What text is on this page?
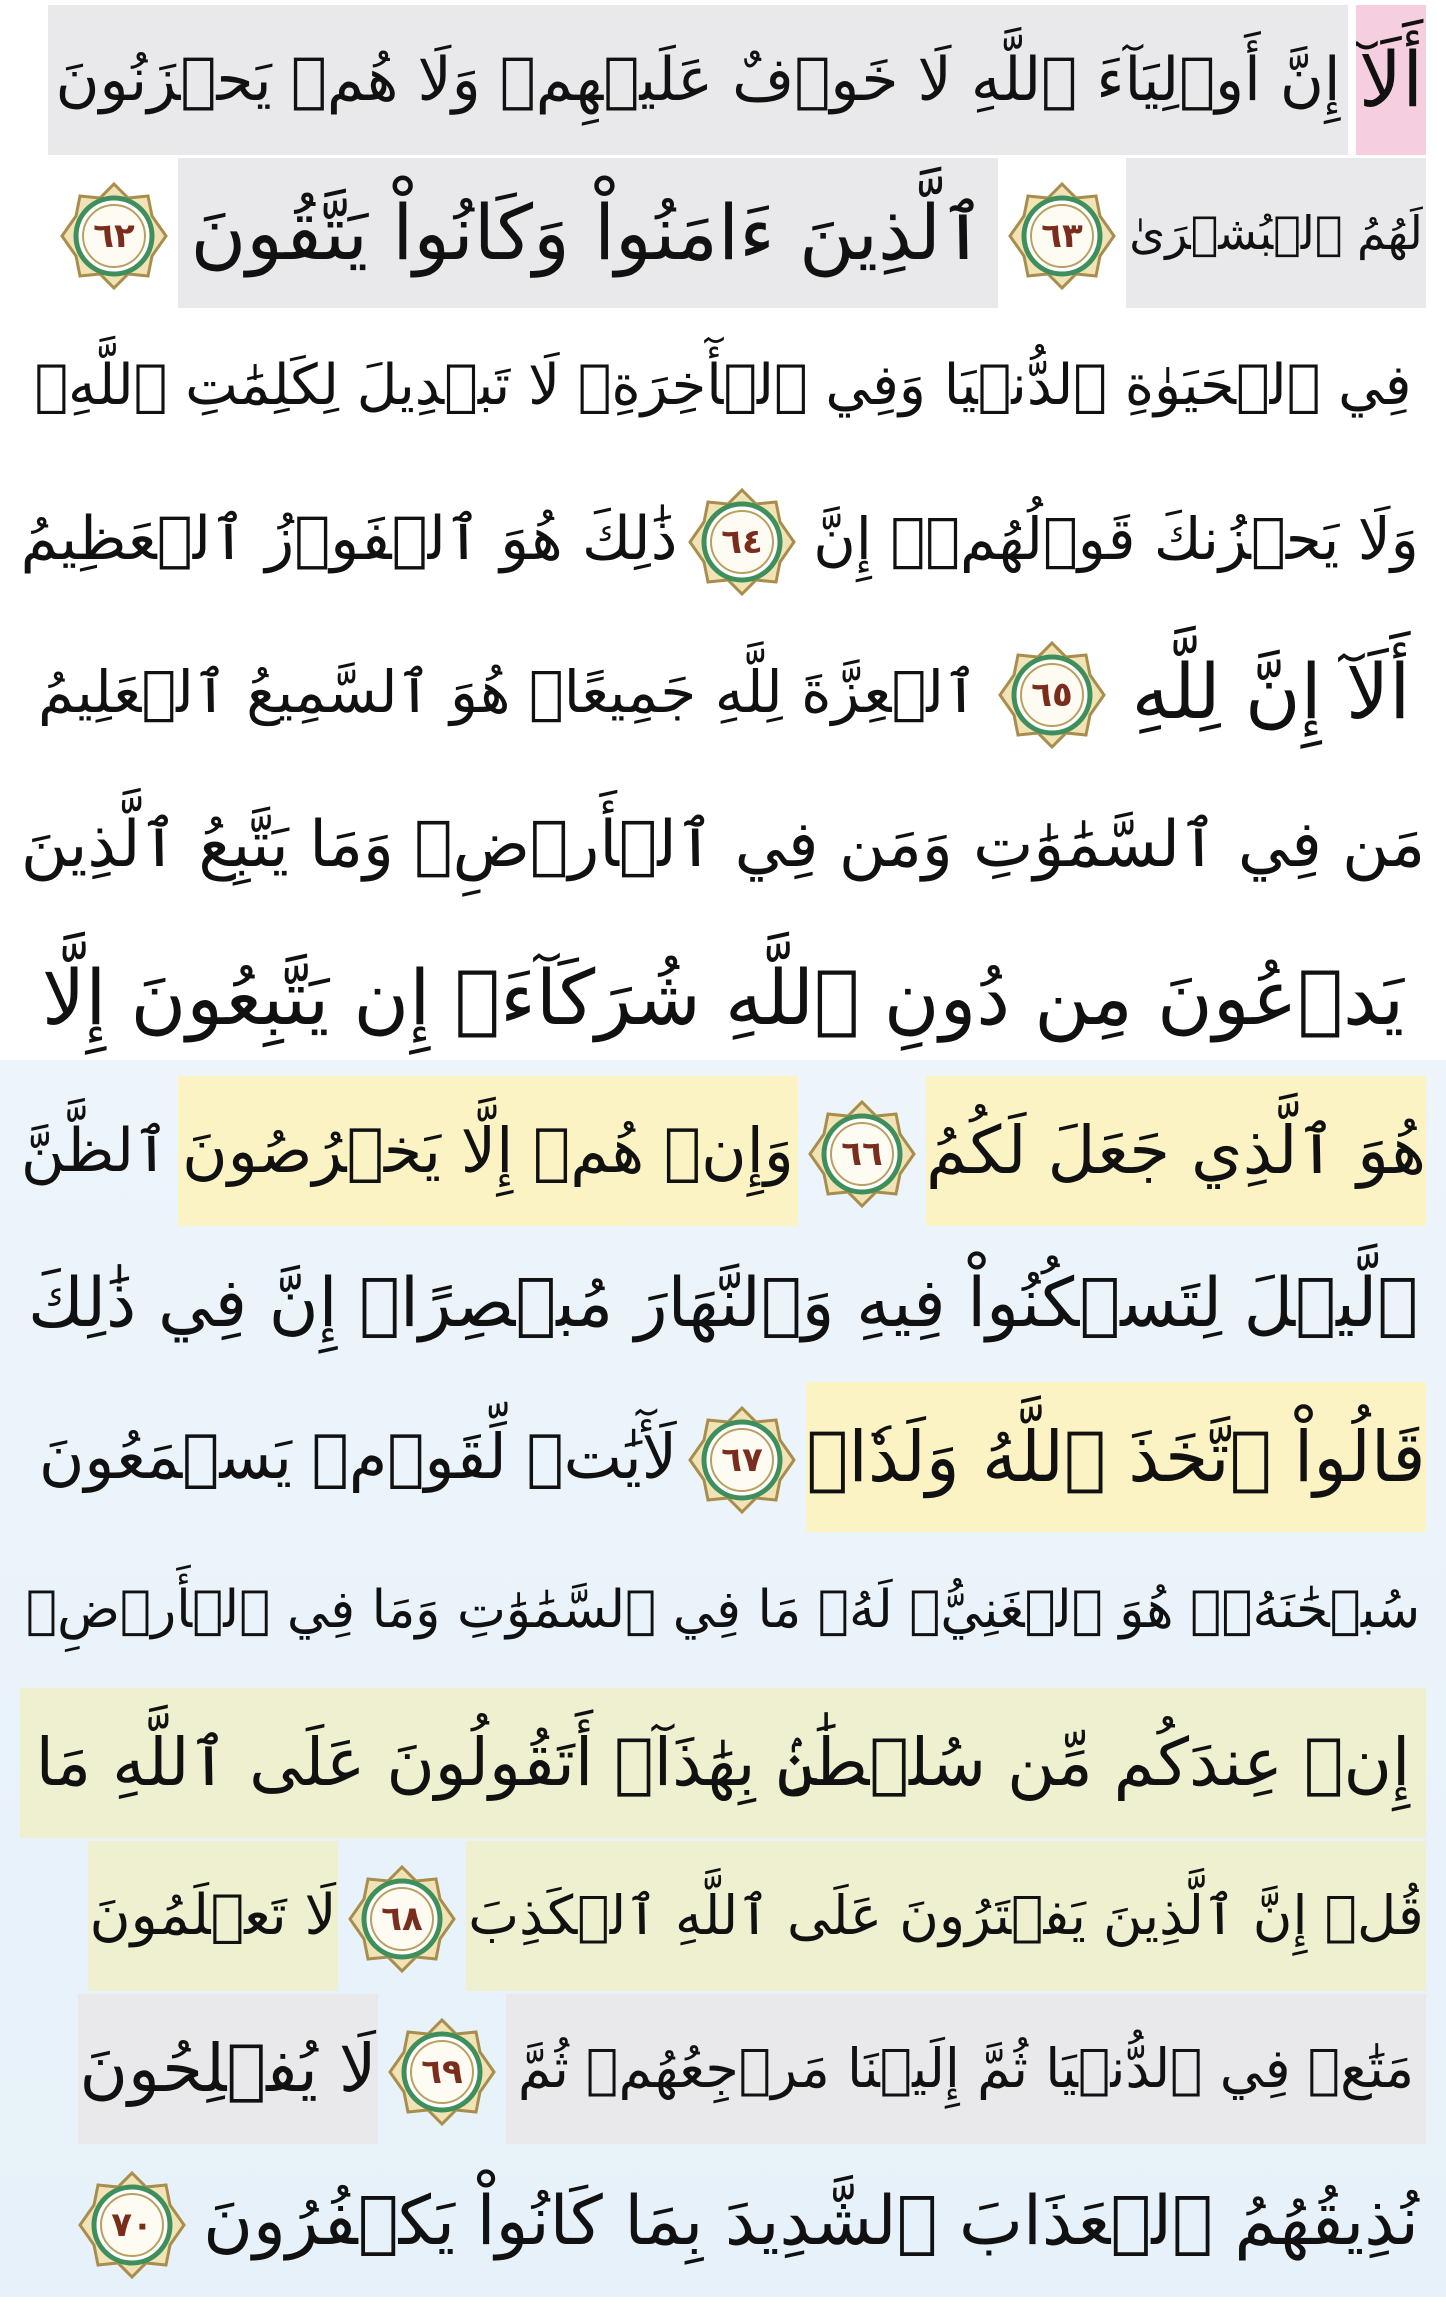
أَلَآ
إِنَّ أَوۡلِيَآءَ ٱللَّهِ لَا خَوۡفٌ عَلَيۡهِمۡ وَلَا هُمۡ يَحۡزَنُونَ
لَهُمُ ٱلۡبُشۡرَىٰ
٦٣
ٱلَّذِينَ ءَامَنُواْ وَكَانُواْ يَتَّقُونَ
٦٢
فِي ٱلۡحَيَوٰةِ ٱلدُّنۡيَا وَفِي ٱلۡأٓخِرَةِۚ لَا تَبۡدِيلَ لِكَلِمَٰتِ ٱللَّهِۚ
وَلَا يَحۡزُنكَ قَوۡلُهُمۡۘ إِنَّ
٦٤
ذَٰلِكَ هُوَ ٱلۡفَوۡزُ ٱلۡعَظِيمُ
أَلَآ إِنَّ لِلَّهِ
٦٥
ٱلۡعِزَّةَ لِلَّهِ جَمِيعًاۚ هُوَ ٱلسَّمِيعُ ٱلۡعَلِيمُ
مَن فِي ٱلسَّمَٰوَٰتِ وَمَن فِي ٱلۡأَرۡضِۗ وَمَا يَتَّبِعُ ٱلَّذِينَ
يَدۡعُونَ مِن دُونِ ٱللَّهِ شُرَكَآءَۚ إِن يَتَّبِعُونَ إِلَّا
هُوَ ٱلَّذِي جَعَلَ لَكُمُ
٦٦
وَإِنۡ هُمۡ إِلَّا يَخۡرُصُونَ
ٱلظَّنَّ
ٱلَّيۡلَ لِتَسۡكُنُواْ فِيهِ وَٱلنَّهَارَ مُبۡصِرًاۚ إِنَّ فِي ذَٰلِكَ
قَالُواْ ٱتَّخَذَ ٱللَّهُ وَلَدٗاۗ
٦٧
لَأٓيَٰتٖ لِّقَوۡمٖ يَسۡمَعُونَ
سُبۡحَٰنَهُۥۖ هُوَ ٱلۡغَنِيُّۖ لَهُۥ مَا فِي ٱلسَّمَٰوَٰتِ وَمَا فِي ٱلۡأَرۡضِۚ
إِنۡ عِندَكُم مِّن سُلۡطَٰنِۢ بِهَٰذَآۚ أَتَقُولُونَ عَلَى ٱللَّهِ مَا
قُلۡ إِنَّ ٱلَّذِينَ يَفۡتَرُونَ عَلَى ٱللَّهِ ٱلۡكَذِبَ
٦٨
لَا تَعۡلَمُونَ
مَتَٰعٞ فِي ٱلدُّنۡيَا ثُمَّ إِلَيۡنَا مَرۡجِعُهُمۡ ثُمَّ
٦٩
لَا يُفۡلِحُونَ
نُذِيقُهُمُ ٱلۡعَذَابَ ٱلشَّدِيدَ بِمَا كَانُواْ يَكۡفُرُونَ
٧٠
